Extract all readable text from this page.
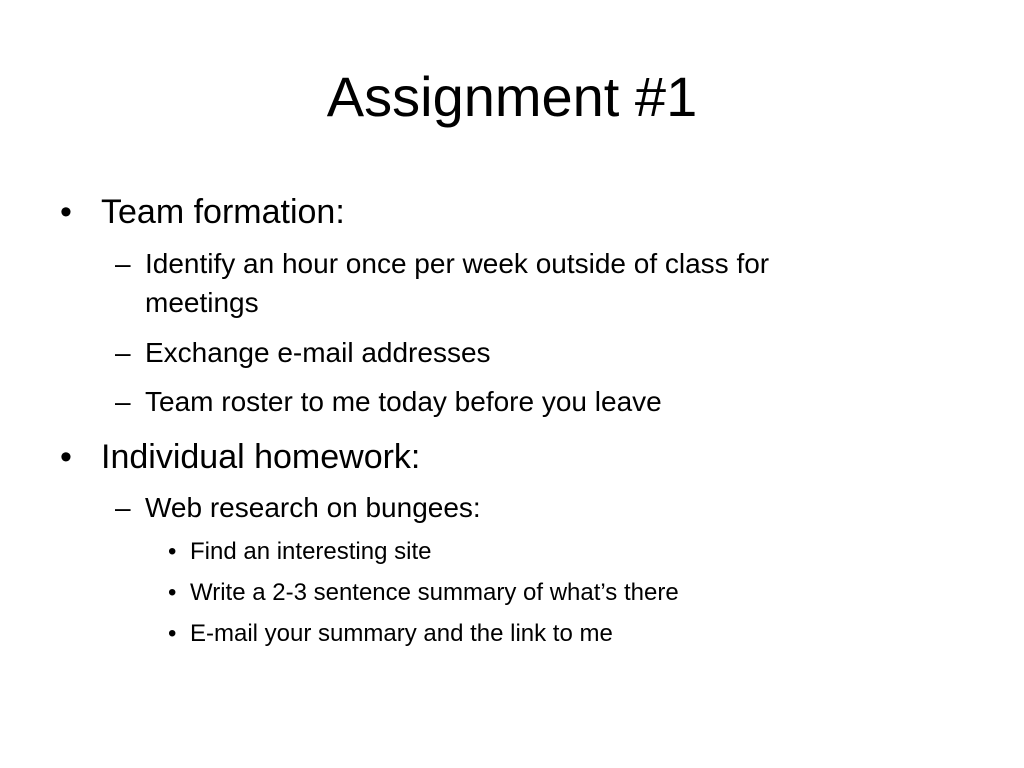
Assignment #1
• Team formation:
– Identify an hour once per week outside of class for
meetings
– Exchange e-mail addresses
– Team roster to me today before you leave
• Individual homework:
– Web research on bungees:
• Find an interesting site
• Write a 2-3 sentence summary of what’s there
• E-mail your summary and the link to me
